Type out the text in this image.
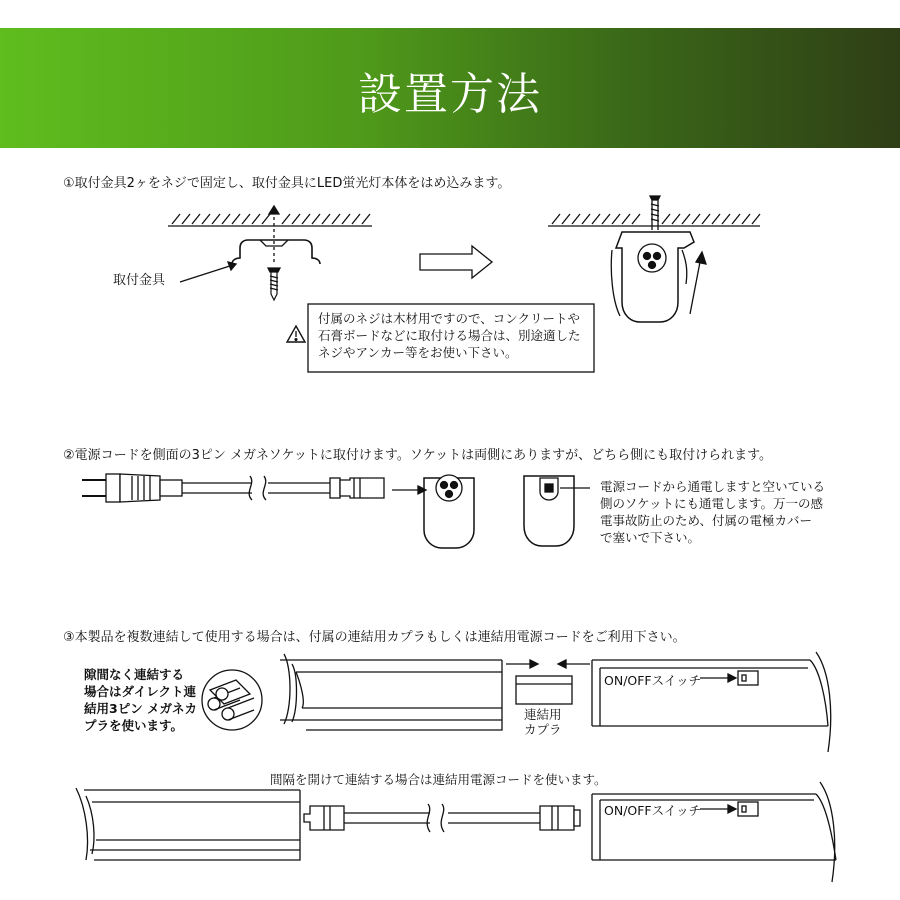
設置方法
①取付金具2ヶをネジで固定し、取付金具にLED蛍光灯本体をはめ込みます。
取付金具
付属のネジは木材用ですので、コンクリートや
石膏ボードなどに取付ける場合は、別途適した
ネジやアンカー等をお使い下さい。
②電源コードを側面の3ピン メガネソケットに取付けます。ソケットは両側にありますが、どちら側にも取付けられます。
電源コードから通電しますと空いている
側のソケットにも通電します。万一の感
電事故防止のため、付属の電極カバー
で塞いで下さい。
③本製品を複数連結して使用する場合は、付属の連結用カプラもしくは連結用電源コードをご利用下さい。
隙間なく連結する
場合はダイレクト連
結用3ピン メガネカ
プラを使います。
連結用
カプラ
ON/OFFスイッチ
ON/OFFスイッチ
間隔を開けて連結する場合は連結用電源コードを使います。
